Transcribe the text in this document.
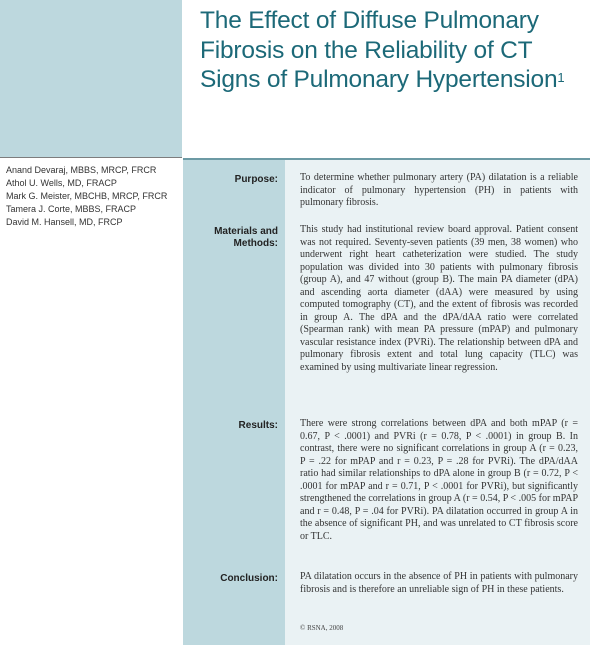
The Effect of Diffuse Pulmonary Fibrosis on the Reliability of CT Signs of Pulmonary Hypertension$^1$
Anand Devaraj, MBBS, MRCP, FRCR
Athol U. Wells, MD, FRACP
Mark G. Meister, MBCHB, MRCP, FRCR
Tamera J. Corte, MBBS, FRACP
David M. Hansell, MD, FRCP
Purpose: To determine whether pulmonary artery (PA) dilatation is a reliable indicator of pulmonary hypertension (PH) in patients with pulmonary fibrosis.

Materials and
Methods:

This study had institutional review board approval. Patient consent was not required. Seventy-seven patients (39 men, 38 women) who underwent right heart catheterization were studied. The study population was divided into 30 patients with pulmonary fibrosis (group A), and 47 without (group B). The main PA diameter (dPA) and ascending aorta diameter (dAA) were measured by using computed tomography (CT), and the extent of fibrosis was recorded in group A. The dPA and the dPA/dAA ratio were correlated (Spearman rank) with mean PA pressure (mPAP) and pulmonary vascular resistance index (PVRi). The relationship between dPA and pulmonary fibrosis extent and total lung capacity (TLC) was examined by using multivariate linear regression.

Results: There were strong correlations between dPA and both mPAP (r = 0.67, P < .0001) and PVRi (r = 0.78, P < .0001) in group B. In contrast, there were no significant correlations in group A (r = 0.23, P = .22 for mPAP and r = 0.23, P = .28 for PVRi). The dPA/dAA ratio had similar relationships to dPA alone in group B (r = 0.72, P < .0001 for mPAP and r = 0.71, P < .0001 for PVRi), but significantly strengthened the correlations in group A (r = 0.54, P < .005 for mPAP and r = 0.48, P = .04 for PVRi). PA dilatation occurred in group A in the absence of significant PH, and was unrelated to CT fibrosis score or TLC.

Conclusion: PA dilatation occurs in the absence of PH in patients with pulmonary fibrosis and is therefore an unreliable sign of PH in these patients.

© RSNA, 2008
